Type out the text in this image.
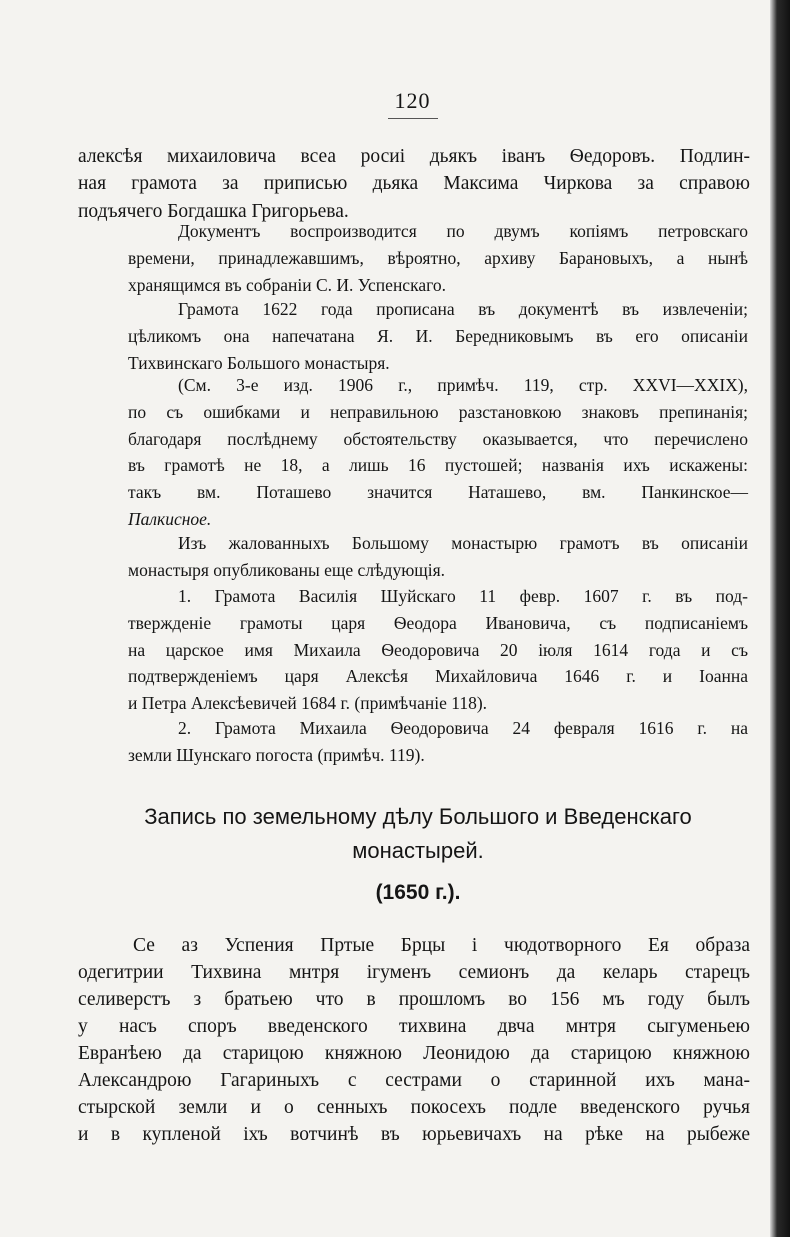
120
алексѣя михаиловича всеа росиі дьякъ іванъ Ѳедоровъ. Подлин-
ная грамота за приписью дьяка Максима Чиркова за справою
подъячего Богдашка Григорьева.
Документъ воспроизводится по двумъ копіямъ петровскаго
времени, принадлежавшимъ, вѣроятно, архиву Барановыхъ, а нынѣ
хранящимся въ собраніи С. И. Успенскаго.
Грамота 1622 года прописана въ документѣ въ извлеченіи;
цѣликомъ она напечатана Я. И. Бередниковымъ въ его описаніи
Тихвинскаго Большого монастыря.
(См. 3-е изд. 1906 г., примѣч. 119, стр. XXVI—XXIX),
по съ ошибками и неправильною разстановкою знаковъ препинанія;
благодаря послѣднему обстоятельству оказывается, что перечислено
въ грамотѣ не 18, а лишь 16 пустошей; названія ихъ искажены:
такъ вм. Поташево значится Наташево, вм. Панкинское—
Палкисное.
Изъ жалованныхъ Большому монастырю грамотъ въ описаніи
монастыря опубликованы еще слѣдующія.
1. Грамота Василія Шуйскаго 11 февр. 1607 г. въ под-
твержденіе грамоты царя Ѳеодора Ивановича, съ подписаніемъ
на царское имя Михаила Ѳеодоровича 20 іюля 1614 года и съ
подтвержденіемъ царя Алексѣя Михайловича 1646 г. и Іоанна
и Петра Алексѣевичей 1684 г. (примѣчаніе 118).
2. Грамота Михаила Ѳеодоровича 24 февраля 1616 г. на
земли Шунскаго погоста (примѣч. 119).
Запись по земельному дѣлу Большого и Введенскаго
монастырей.
(1650 г.).
Се аз Успения Пртые Брцы і чюдотворного Ея образа
одегитрии Тихвина мнтря ігуменъ семионъ да келарь старецъ
селиверстъ з братьею что в прошломъ во 156 мъ году былъ
у насъ споръ введенского тихвина двча мнтря сыгуменьею
Евранѣею да старицою княжною Леонидою да старицою княжною
Александрою Гагариныхъ с сестрами о старинной ихъ мана-
стырской земли и о сенныхъ покосехъ подле введенского ручья
и в купленой іхъ вотчинѣ въ юрьевичахъ на рѣке на рыбеже
